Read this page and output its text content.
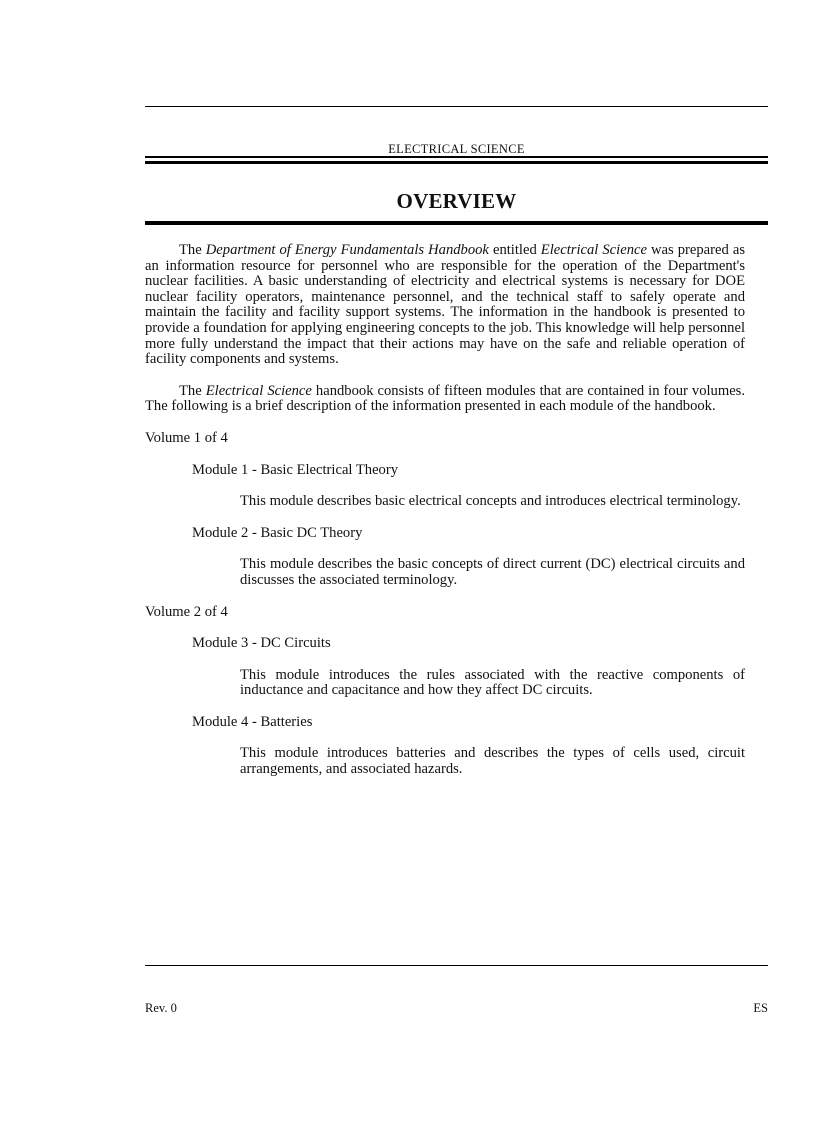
ELECTRICAL SCIENCE
OVERVIEW

The Department of Energy Fundamentals Handbook entitled Electrical Science was prepared as an information resource for personnel who are responsible for the operation of the Department's nuclear facilities. A basic understanding of electricity and electrical systems is necessary for DOE nuclear facility operators, maintenance personnel, and the technical staff to safely operate and maintain the facility and facility support systems. The information in the handbook is presented to provide a foundation for applying engineering concepts to the job. This knowledge will help personnel more fully understand the impact that their actions may have on the safe and reliable operation of facility components and systems.

The Electrical Science handbook consists of fifteen modules that are contained in four volumes. The following is a brief description of the information presented in each module of the handbook.

Volume 1 of 4
Module 1 - Basic Electrical Theory
This module describes basic electrical concepts and introduces electrical terminology.
Module 2 - Basic DC Theory
This module describes the basic concepts of direct current (DC) electrical circuits and discusses the associated terminology.
Volume 2 of 4
Module 3 - DC Circuits
This module introduces the rules associated with the reactive components of inductance and capacitance and how they affect DC circuits.
Module 4 - Batteries
This module introduces batteries and describes the types of cells used, circuit arrangements, and associated hazards.
Rev. 0	ES
